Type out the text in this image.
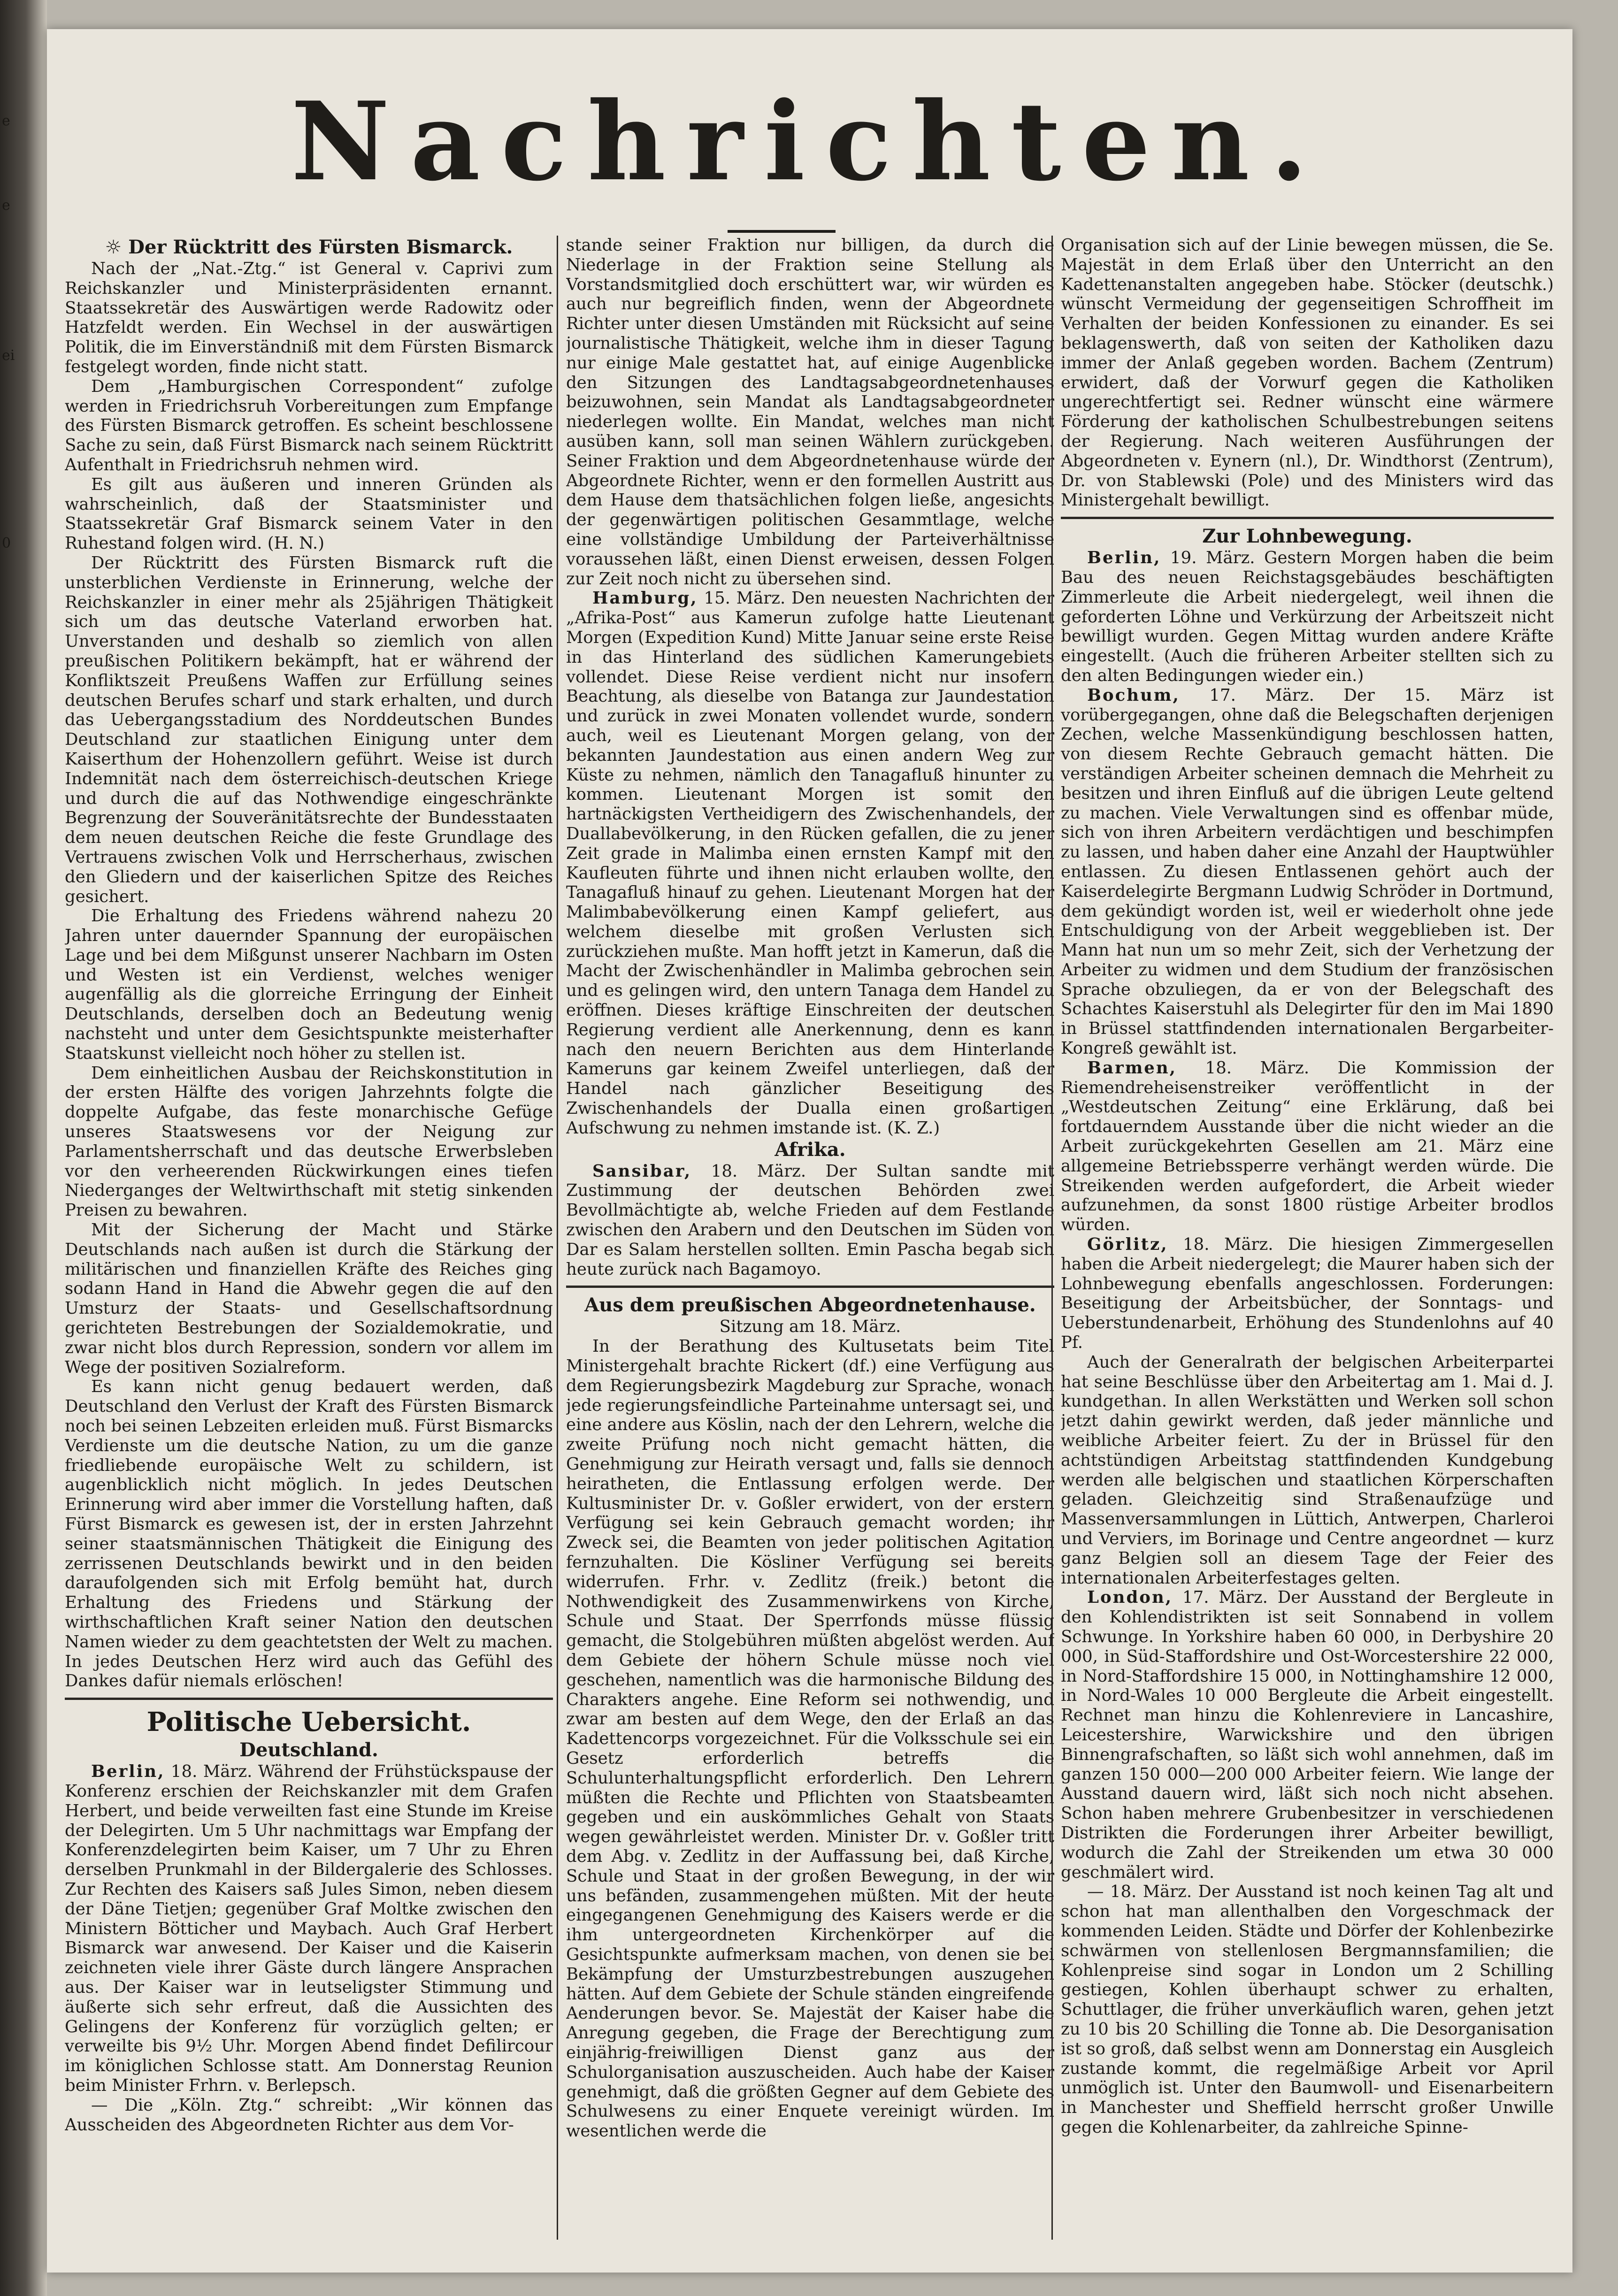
e
e
ei
0
Nachrichten.
☼ Der Rücktritt des Fürsten Bismarck.

Nach der „Nat.-Ztg.“ ist General v. Caprivi zum Reichskanzler und Ministerpräsidenten ernannt. Staatssekretär des Auswärtigen werde Radowitz oder Hatzfeldt werden. Ein Wechsel in der auswärtigen Politik, die im Einverständniß mit dem Fürsten Bismarck festgelegt worden, finde nicht statt.

Dem „Hamburgischen Correspondent“ zufolge werden in Friedrichsruh Vorbereitungen zum Empfange des Fürsten Bismarck getroffen. Es scheint beschlossene Sache zu sein, daß Fürst Bismarck nach seinem Rücktritt Aufenthalt in Friedrichsruh nehmen wird.

Es gilt aus äußeren und inneren Gründen als wahrscheinlich, daß der Staatsminister und Staatssekretär Graf Bismarck seinem Vater in den Ruhestand folgen wird. (H. N.)

Der Rücktritt des Fürsten Bismarck ruft die unsterblichen Verdienste in Erinnerung, welche der Reichskanzler in einer mehr als 25jährigen Thätigkeit sich um das deutsche Vaterland erworben hat. Unverstanden und deshalb so ziemlich von allen preußischen Politikern bekämpft, hat er während der Konfliktszeit Preußens Waffen zur Erfüllung seines deutschen Berufes scharf und stark erhalten, und durch das Uebergangsstadium des Norddeutschen Bundes Deutschland zur staatlichen Einigung unter dem Kaiserthum der Hohenzollern geführt. Weise ist durch Indemnität nach dem österreichisch-deutschen Kriege und durch die auf das Nothwendige eingeschränkte Begrenzung der Souveränitätsrechte der Bundesstaaten dem neuen deutschen Reiche die feste Grundlage des Vertrauens zwischen Volk und Herrscherhaus, zwischen den Gliedern und der kaiserlichen Spitze des Reiches gesichert.

Die Erhaltung des Friedens während nahezu 20 Jahren unter dauernder Spannung der europäischen Lage und bei dem Mißgunst unserer Nachbarn im Osten und Westen ist ein Verdienst, welches weniger augenfällig als die glorreiche Erringung der Einheit Deutschlands, derselben doch an Bedeutung wenig nachsteht und unter dem Gesichtspunkte meisterhafter Staatskunst vielleicht noch höher zu stellen ist.

Dem einheitlichen Ausbau der Reichskonstitution in der ersten Hälfte des vorigen Jahrzehnts folgte die doppelte Aufgabe, das feste monarchische Gefüge unseres Staatswesens vor der Neigung zur Parlamentsherrschaft und das deutsche Erwerbsleben vor den verheerenden Rückwirkungen eines tiefen Niederganges der Weltwirthschaft mit stetig sinkenden Preisen zu bewahren.

Mit der Sicherung der Macht und Stärke Deutschlands nach außen ist durch die Stärkung der militärischen und finanziellen Kräfte des Reiches ging sodann Hand in Hand die Abwehr gegen die auf den Umsturz der Staats- und Gesellschaftsordnung gerichteten Bestrebungen der Sozialdemokratie, und zwar nicht blos durch Repression, sondern vor allem im Wege der positiven Sozialreform.

Es kann nicht genug bedauert werden, daß Deutschland den Verlust der Kraft des Fürsten Bismarck noch bei seinen Lebzeiten erleiden muß. Fürst Bismarcks Verdienste um die deutsche Nation, zu um die ganze friedliebende europäische Welt zu schildern, ist augenblicklich nicht möglich. In jedes Deutschen Erinnerung wird aber immer die Vorstellung haften, daß Fürst Bismarck es gewesen ist, der in ersten Jahrzehnt seiner staatsmännischen Thätigkeit die Einigung des zerrissenen Deutschlands bewirkt und in den beiden daraufolgenden sich mit Erfolg bemüht hat, durch Erhaltung des Friedens und Stärkung der wirthschaftlichen Kraft seiner Nation den deutschen Namen wieder zu dem geachtetsten der Welt zu machen. In jedes Deutschen Herz wird auch das Gefühl des Dankes dafür niemals erlöschen!

Politische Uebersicht.
Deutschland.

Berlin, 18. März. Während der Frühstückspause der Konferenz erschien der Reichskanzler mit dem Grafen Herbert, und beide verweilten fast eine Stunde im Kreise der Delegirten. Um 5 Uhr nachmittags war Empfang der Konferenzdelegirten beim Kaiser, um 7 Uhr zu Ehren derselben Prunkmahl in der Bildergalerie des Schlosses. Zur Rechten des Kaisers saß Jules Simon, neben diesem der Däne Tietjen; gegenüber Graf Moltke zwischen den Ministern Bötticher und Maybach. Auch Graf Herbert Bismarck war anwesend. Der Kaiser und die Kaiserin zeichneten viele ihrer Gäste durch längere Ansprachen aus. Der Kaiser war in leutseligster Stimmung und äußerte sich sehr erfreut, daß die Aussichten des Gelingens der Konferenz für vorzüglich gelten; er verweilte bis 9½ Uhr. Morgen Abend findet Defilircour im königlichen Schlosse statt. Am Donnerstag Reunion beim Minister Frhrn. v. Berlepsch.

— Die „Köln. Ztg.“ schreibt: „Wir können das Ausscheiden des Abgeordneten Richter aus dem Vor-

stande seiner Fraktion nur billigen, da durch die Niederlage in der Fraktion seine Stellung als Vorstandsmitglied doch erschüttert war, wir würden es auch nur begreiflich finden, wenn der Abgeordnete Richter unter diesen Umständen mit Rücksicht auf seine journalistische Thätigkeit, welche ihm in dieser Tagung nur einige Male gestattet hat, auf einige Augenblicke den Sitzungen des Landtagsabgeordnetenhauses beizuwohnen, sein Mandat als Landtagsabgeordneter niederlegen wollte. Ein Mandat, welches man nicht ausüben kann, soll man seinen Wählern zurückgeben. Seiner Fraktion und dem Abgeordnetenhause würde der Abgeordnete Richter, wenn er den formellen Austritt aus dem Hause dem thatsächlichen folgen ließe, angesichts der gegenwärtigen politischen Gesammtlage, welche eine vollständige Umbildung der Parteiverhältnisse voraussehen läßt, einen Dienst erweisen, dessen Folgen zur Zeit noch nicht zu übersehen sind.

Hamburg, 15. März. Den neuesten Nachrichten der „Afrika-Post“ aus Kamerun zufolge hatte Lieutenant Morgen (Expedition Kund) Mitte Januar seine erste Reise in das Hinterland des südlichen Kamerungebiets vollendet. Diese Reise verdient nicht nur insofern Beachtung, als dieselbe von Batanga zur Jaundestation und zurück in zwei Monaten vollendet wurde, sondern auch, weil es Lieutenant Morgen gelang, von der bekannten Jaundestation aus einen andern Weg zur Küste zu nehmen, nämlich den Tanagafluß hinunter zu kommen. Lieutenant Morgen ist somit den hartnäckigsten Vertheidigern des Zwischenhandels, der Duallabevölkerung, in den Rücken gefallen, die zu jener Zeit grade in Malimba einen ernsten Kampf mit den Kaufleuten führte und ihnen nicht erlauben wollte, den Tanagafluß hinauf zu gehen. Lieutenant Morgen hat der Malimbabevölkerung einen Kampf geliefert, aus welchem dieselbe mit großen Verlusten sich zurückziehen mußte. Man hofft jetzt in Kamerun, daß die Macht der Zwischenhändler in Malimba gebrochen sein und es gelingen wird, den untern Tanaga dem Handel zu eröffnen. Dieses kräftige Einschreiten der deutschen Regierung verdient alle Anerkennung, denn es kann nach den neuern Berichten aus dem Hinterlande Kameruns gar keinem Zweifel unterliegen, daß der Handel nach gänzlicher Beseitigung des Zwischenhandels der Dualla einen großartigen Aufschwung zu nehmen imstande ist. (K. Z.)

Afrika.

Sansibar, 18. März. Der Sultan sandte mit Zustimmung der deutschen Behörden zwei Bevollmächtigte ab, welche Frieden auf dem Festlande zwischen den Arabern und den Deutschen im Süden von Dar es Salam herstellen sollten. Emin Pascha begab sich heute zurück nach Bagamoyo.

Aus dem preußischen Abgeordnetenhause.
Sitzung am 18. März.

In der Berathung des Kultusetats beim Titel Ministergehalt brachte Rickert (df.) eine Verfügung aus dem Regierungsbezirk Magdeburg zur Sprache, wonach jede regierungsfeindliche Parteinahme untersagt sei, und eine andere aus Köslin, nach der den Lehrern, welche die zweite Prüfung noch nicht gemacht hätten, die Genehmigung zur Heirath versagt und, falls sie dennoch heiratheten, die Entlassung erfolgen werde. Der Kultusminister Dr. v. Goßler erwidert, von der erstern Verfügung sei kein Gebrauch gemacht worden; ihr Zweck sei, die Beamten von jeder politischen Agitation fernzuhalten. Die Kösliner Verfügung sei bereits widerrufen. Frhr. v. Zedlitz (freik.) betont die Nothwendigkeit des Zusammenwirkens von Kirche, Schule und Staat. Der Sperrfonds müsse flüssig gemacht, die Stolgebühren müßten abgelöst werden. Auf dem Gebiete der höhern Schule müsse noch viel geschehen, namentlich was die harmonische Bildung des Charakters angehe. Eine Reform sei nothwendig, und zwar am besten auf dem Wege, den der Erlaß an das Kadettencorps vorgezeichnet. Für die Volksschule sei ein Gesetz erforderlich betreffs die Schulunterhaltungspflicht erforderlich. Den Lehrern müßten die Rechte und Pflichten von Staatsbeamten gegeben und ein auskömmliches Gehalt von Staats wegen gewährleistet werden. Minister Dr. v. Goßler tritt dem Abg. v. Zedlitz in der Auffassung bei, daß Kirche, Schule und Staat in der großen Bewegung, in der wir uns befänden, zusammengehen müßten. Mit der heute eingegangenen Genehmigung des Kaisers werde er die ihm untergeordneten Kirchenkörper auf die Gesichtspunkte aufmerksam machen, von denen sie bei Bekämpfung der Umsturzbestrebungen auszugehen hätten. Auf dem Gebiete der Schule ständen eingreifende Aenderungen bevor. Se. Majestät der Kaiser habe die Anregung gegeben, die Frage der Berechtigung zum einjährig-freiwilligen Dienst ganz aus der Schulorganisation auszuscheiden. Auch habe der Kaiser genehmigt, daß die größten Gegner auf dem Gebiete des Schulwesens zu einer Enquete vereinigt würden. Im wesentlichen werde die

Organisation sich auf der Linie bewegen müssen, die Se. Majestät in dem Erlaß über den Unterricht an den Kadettenanstalten angegeben habe. Stöcker (deutschk.) wünscht Vermeidung der gegenseitigen Schroffheit im Verhalten der beiden Konfessionen zu einander. Es sei beklagenswerth, daß von seiten der Katholiken dazu immer der Anlaß gegeben worden. Bachem (Zentrum) erwidert, daß der Vorwurf gegen die Katholiken ungerechtfertigt sei. Redner wünscht eine wärmere Förderung der katholischen Schulbestrebungen seitens der Regierung. Nach weiteren Ausführungen der Abgeordneten v. Eynern (nl.), Dr. Windthorst (Zentrum), Dr. von Stablewski (Pole) und des Ministers wird das Ministergehalt bewilligt.

Zur Lohnbewegung.

Berlin, 19. März. Gestern Morgen haben die beim Bau des neuen Reichstagsgebäudes beschäftigten Zimmerleute die Arbeit niedergelegt, weil ihnen die geforderten Löhne und Verkürzung der Arbeitszeit nicht bewilligt wurden. Gegen Mittag wurden andere Kräfte eingestellt. (Auch die früheren Arbeiter stellten sich zu den alten Bedingungen wieder ein.)

Bochum, 17. März. Der 15. März ist vorübergegangen, ohne daß die Belegschaften derjenigen Zechen, welche Massenkündigung beschlossen hatten, von diesem Rechte Gebrauch gemacht hätten. Die verständigen Arbeiter scheinen demnach die Mehrheit zu besitzen und ihren Einfluß auf die übrigen Leute geltend zu machen. Viele Verwaltungen sind es offenbar müde, sich von ihren Arbeitern verdächtigen und beschimpfen zu lassen, und haben daher eine Anzahl der Hauptwühler entlassen. Zu diesen Entlassenen gehört auch der Kaiserdelegirte Bergmann Ludwig Schröder in Dortmund, dem gekündigt worden ist, weil er wiederholt ohne jede Entschuldigung von der Arbeit weggeblieben ist. Der Mann hat nun um so mehr Zeit, sich der Verhetzung der Arbeiter zu widmen und dem Studium der französischen Sprache obzuliegen, da er von der Belegschaft des Schachtes Kaiserstuhl als Delegirter für den im Mai 1890 in Brüssel stattfindenden internationalen Bergarbeiter-Kongreß gewählt ist.

Barmen, 18. März. Die Kommission der Riemendreheisenstreiker veröffentlicht in der „Westdeutschen Zeitung“ eine Erklärung, daß bei fortdauerndem Ausstande über die nicht wieder an die Arbeit zurückgekehrten Gesellen am 21. März eine allgemeine Betriebssperre verhängt werden würde. Die Streikenden werden aufgefordert, die Arbeit wieder aufzunehmen, da sonst 1800 rüstige Arbeiter brodlos würden.

Görlitz, 18. März. Die hiesigen Zimmergesellen haben die Arbeit niedergelegt; die Maurer haben sich der Lohnbewegung ebenfalls angeschlossen. Forderungen: Beseitigung der Arbeitsbücher, der Sonntags- und Ueberstundenarbeit, Erhöhung des Stundenlohns auf 40 Pf.

Auch der Generalrath der belgischen Arbeiterpartei hat seine Beschlüsse über den Arbeitertag am 1. Mai d. J. kundgethan. In allen Werkstätten und Werken soll schon jetzt dahin gewirkt werden, daß jeder männliche und weibliche Arbeiter feiert. Zu der in Brüssel für den achtstündigen Arbeitstag stattfindenden Kundgebung werden alle belgischen und staatlichen Körperschaften geladen. Gleichzeitig sind Straßenaufzüge und Massenversammlungen in Lüttich, Antwerpen, Charleroi und Verviers, im Borinage und Centre angeordnet — kurz ganz Belgien soll an diesem Tage der Feier des internationalen Arbeiterfestages gelten.

London, 17. März. Der Ausstand der Bergleute in den Kohlendistrikten ist seit Sonnabend in vollem Schwunge. In Yorkshire haben 60 000, in Derbyshire 20 000, in Süd-Staffordshire und Ost-Worcestershire 22 000, in Nord-Staffordshire 15 000, in Nottinghamshire 12 000, in Nord-Wales 10 000 Bergleute die Arbeit eingestellt. Rechnet man hinzu die Kohlenreviere in Lancashire, Leicestershire, Warwickshire und den übrigen Binnengrafschaften, so läßt sich wohl annehmen, daß im ganzen 150 000—200 000 Arbeiter feiern. Wie lange der Ausstand dauern wird, läßt sich noch nicht absehen. Schon haben mehrere Grubenbesitzer in verschiedenen Distrikten die Forderungen ihrer Arbeiter bewilligt, wodurch die Zahl der Streikenden um etwa 30 000 geschmälert wird.

— 18. März. Der Ausstand ist noch keinen Tag alt und schon hat man allenthalben den Vorgeschmack der kommenden Leiden. Städte und Dörfer der Kohlenbezirke schwärmen von stellenlosen Bergmannsfamilien; die Kohlenpreise sind sogar in London um 2 Schilling gestiegen, Kohlen überhaupt schwer zu erhalten, Schuttlager, die früher unverkäuflich waren, gehen jetzt zu 10 bis 20 Schilling die Tonne ab. Die Desorganisation ist so groß, daß selbst wenn am Donnerstag ein Ausgleich zustande kommt, die regelmäßige Arbeit vor April unmöglich ist. Unter den Baumwoll- und Eisenarbeitern in Manchester und Sheffield herrscht großer Unwille gegen die Kohlenarbeiter, da zahlreiche Spinne-
